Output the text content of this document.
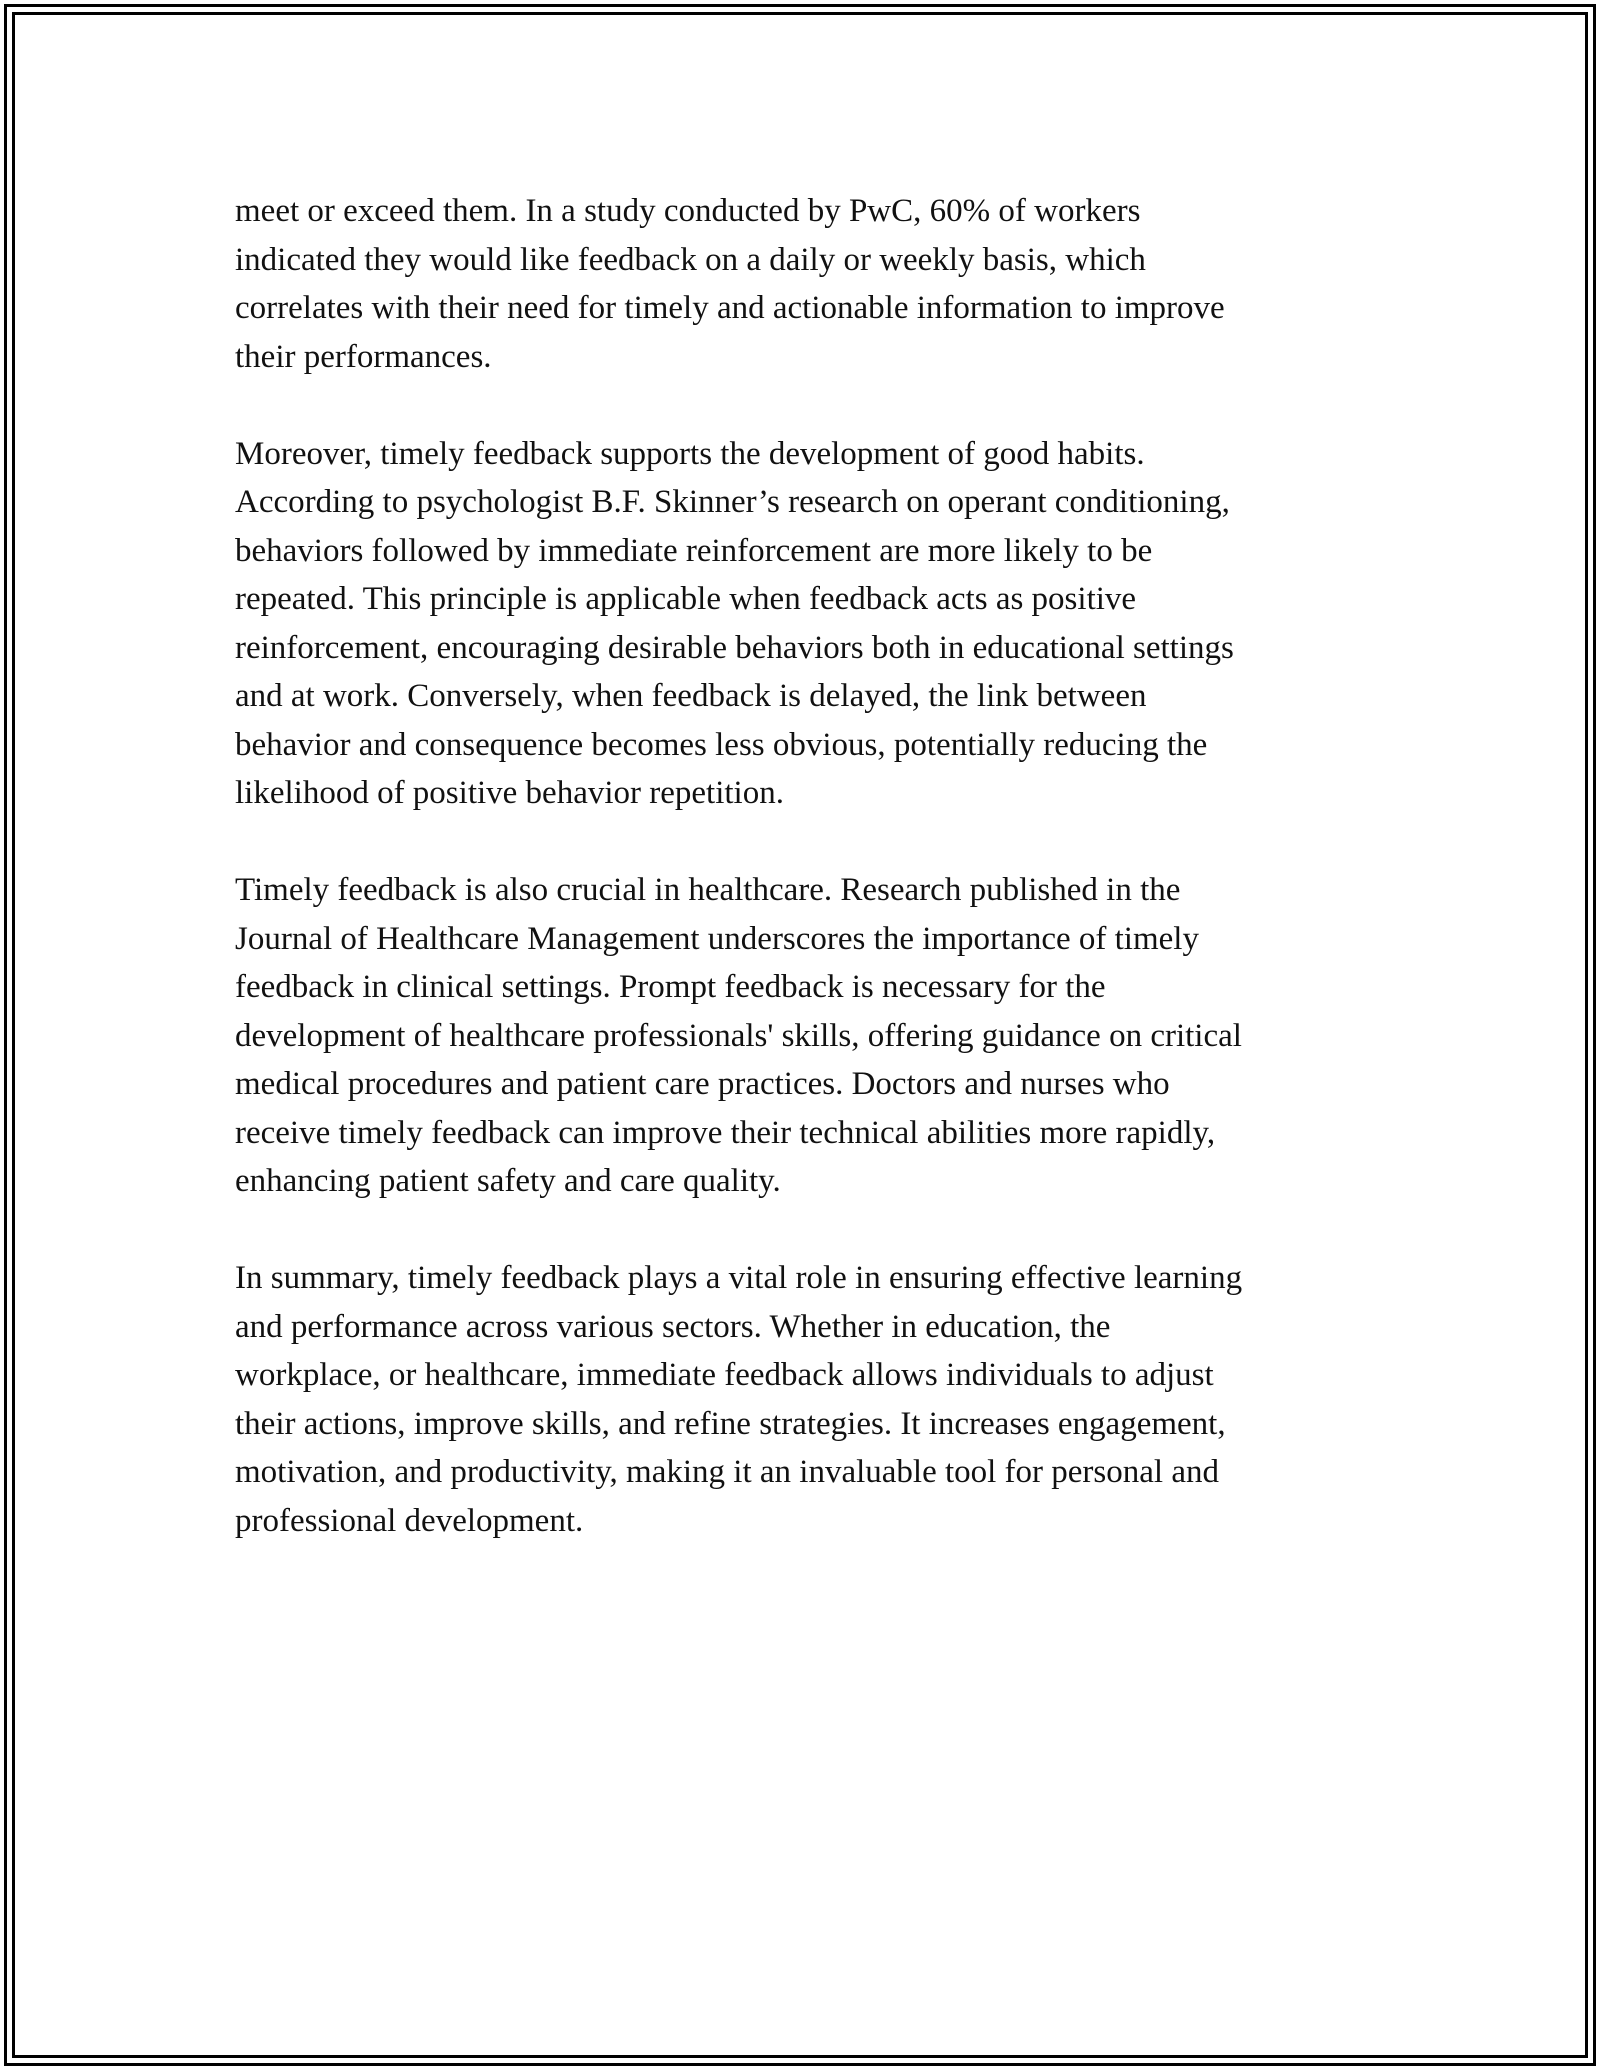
meet or exceed them. In a study conducted by PwC, 60% of workers
indicated they would like feedback on a daily or weekly basis, which
correlates with their need for timely and actionable information to improve
their performances.

Moreover, timely feedback supports the development of good habits.
According to psychologist B.F. Skinner’s research on operant conditioning,
behaviors followed by immediate reinforcement are more likely to be
repeated. This principle is applicable when feedback acts as positive
reinforcement, encouraging desirable behaviors both in educational settings
and at work. Conversely, when feedback is delayed, the link between
behavior and consequence becomes less obvious, potentially reducing the
likelihood of positive behavior repetition.

Timely feedback is also crucial in healthcare. Research published in the
Journal of Healthcare Management underscores the importance of timely
feedback in clinical settings. Prompt feedback is necessary for the
development of healthcare professionals' skills, offering guidance on critical
medical procedures and patient care practices. Doctors and nurses who
receive timely feedback can improve their technical abilities more rapidly,
enhancing patient safety and care quality.

In summary, timely feedback plays a vital role in ensuring effective learning
and performance across various sectors. Whether in education, the
workplace, or healthcare, immediate feedback allows individuals to adjust
their actions, improve skills, and refine strategies. It increases engagement,
motivation, and productivity, making it an invaluable tool for personal and
professional development.
